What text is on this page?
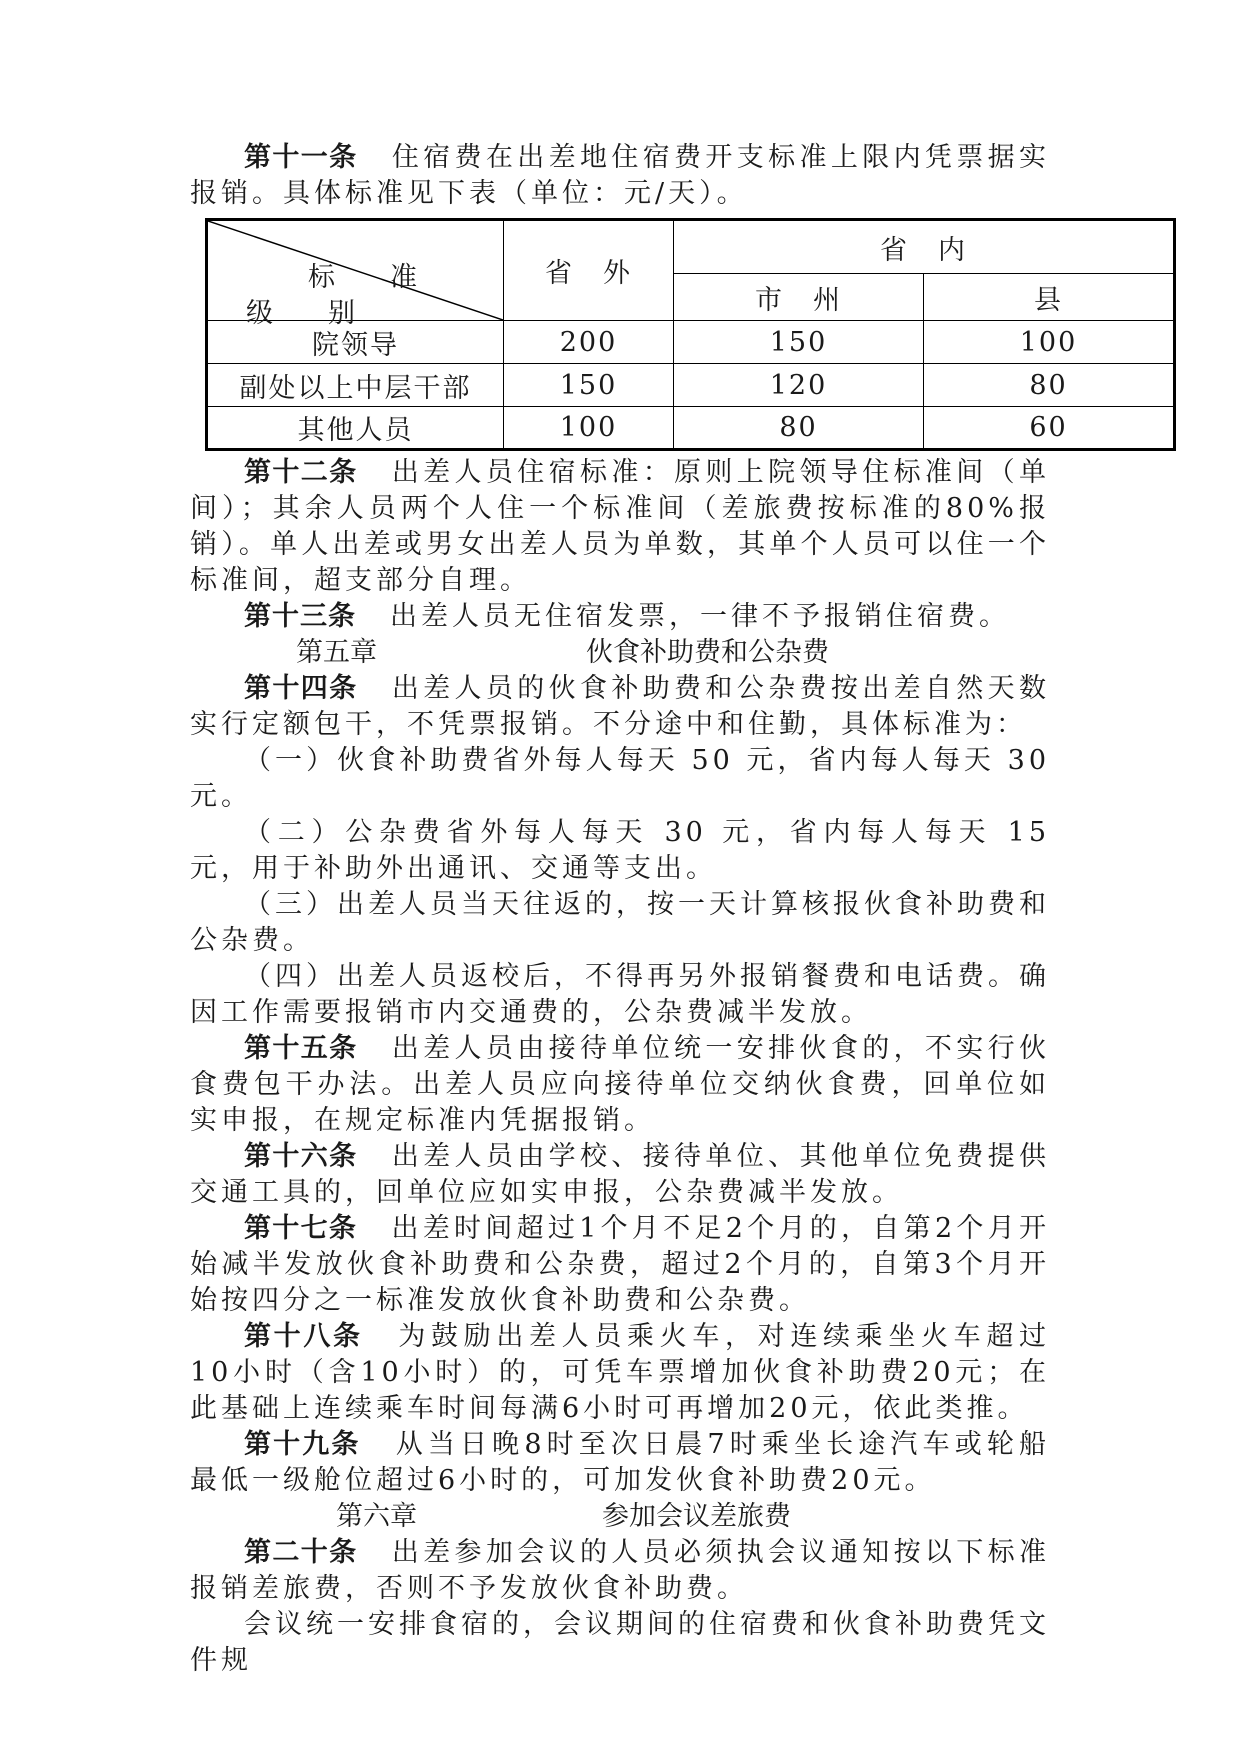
第十一条 住宿费在出差地住宿费开支标准上限内凭票据实报销。具体标准见下表（单位：元/天）。

标　准
级　别	省　外	省　内	
		市　州	县
院领导	200	150	100
副处以上中层干部	150	120	80
其他人员	100	80	60

第十二条 出差人员住宿标准：原则上院领导住标准间（单间）；其余人员两个人住一个标准间（差旅费按标准的80%报销）。单人出差或男女出差人员为单数，其单个人员可以住一个标准间，超支部分自理。

第十三条 出差人员无住宿发票，一律不予报销住宿费。

第五章	伙食补助费和公杂费

第十四条 出差人员的伙食补助费和公杂费按出差自然天数实行定额包干，不凭票报销。不分途中和住勤，具体标准为：

（一）伙食补助费省外每人每天 50 元，省内每人每天 30元。

（二）公杂费省外每人每天 30 元，省内每人每天 15 元，用于补助外出通讯、交通等支出。

（三）出差人员当天往返的，按一天计算核报伙食补助费和公杂费。

（四）出差人员返校后，不得再另外报销餐费和电话费。确因工作需要报销市内交通费的，公杂费减半发放。

第十五条 出差人员由接待单位统一安排伙食的，不实行伙食费包干办法。出差人员应向接待单位交纳伙食费，回单位如实申报，在规定标准内凭据报销。

第十六条 出差人员由学校、接待单位、其他单位免费提供交通工具的，回单位应如实申报，公杂费减半发放。

第十七条 出差时间超过1个月不足2个月的，自第2个月开始减半发放伙食补助费和公杂费，超过2个月的，自第3个月开始按四分之一标准发放伙食补助费和公杂费。

第十八条 为鼓励出差人员乘火车，对连续乘坐火车超过10小时（含10小时）的，可凭车票增加伙食补助费20元；在此基础上连续乘车时间每满6小时可再增加20元，依此类推。

第十九条 从当日晚8时至次日晨7时乘坐长途汽车或轮船最低一级舱位超过6小时的，可加发伙食补助费20元。

第六章	参加会议差旅费

第二十条 出差参加会议的人员必须执会议通知按以下标准报销差旅费，否则不予发放伙食补助费。

会议统一安排食宿的，会议期间的住宿费和伙食补助费凭文件规
